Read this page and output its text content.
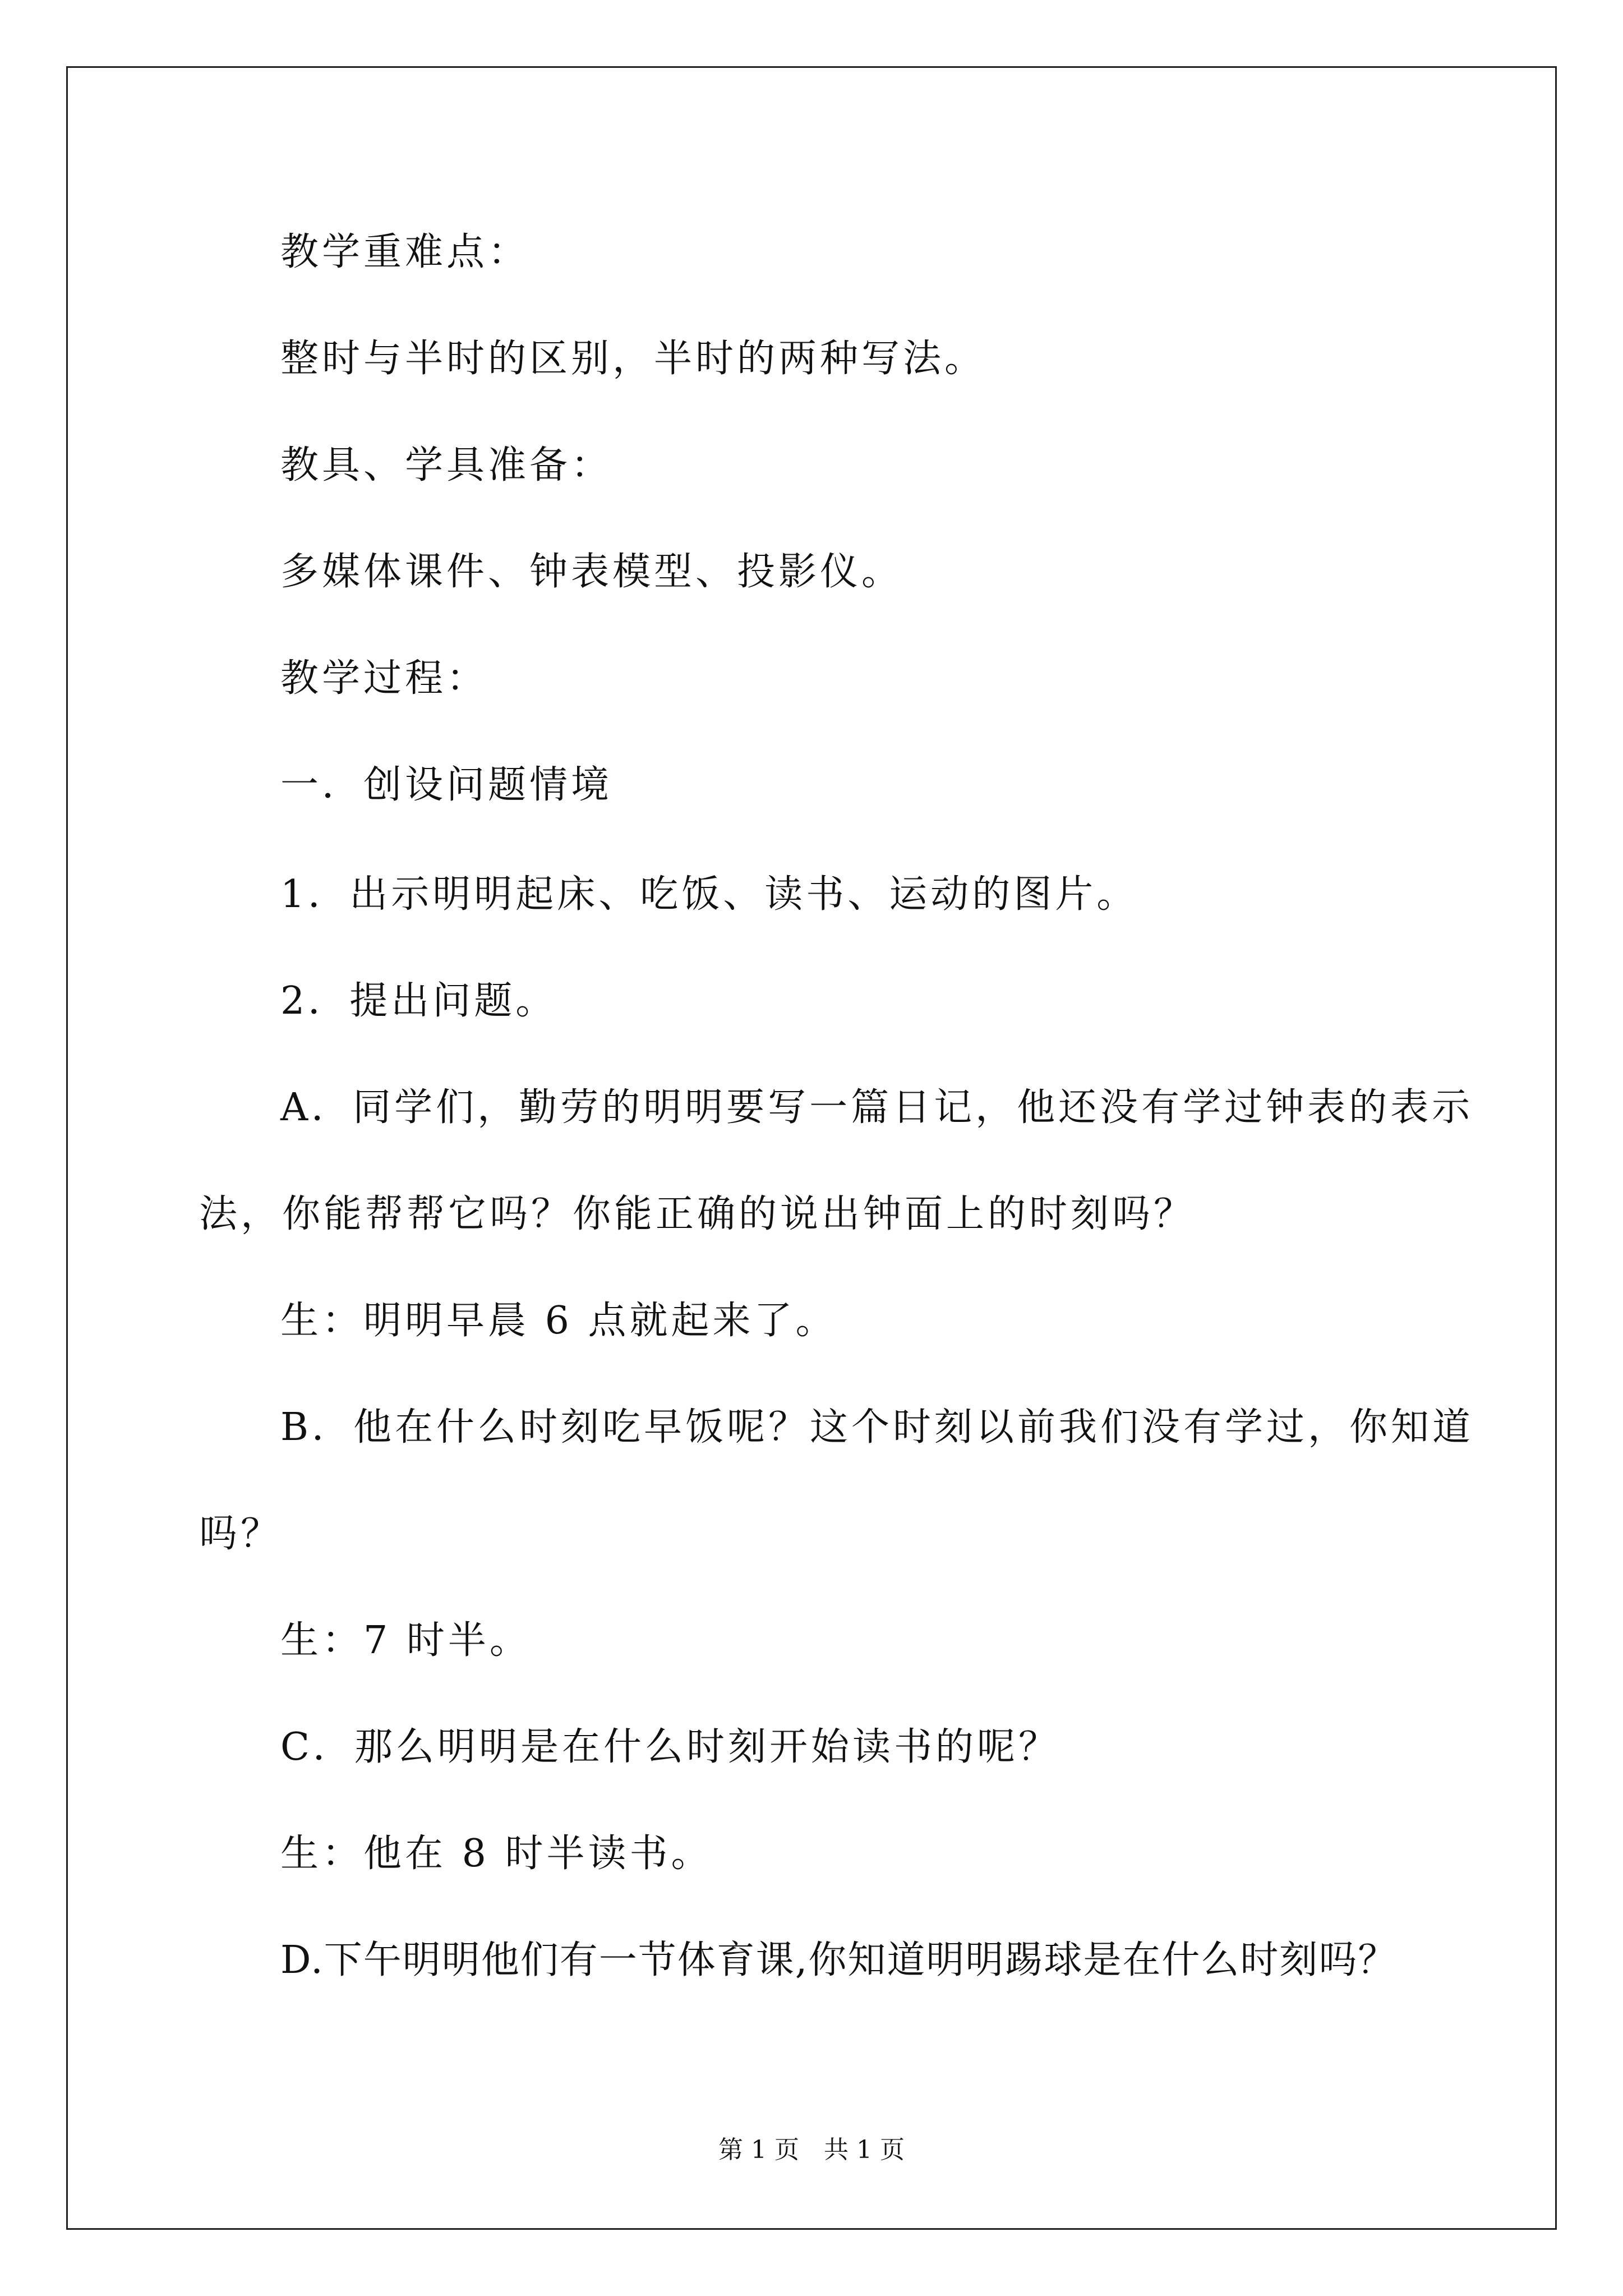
教学重难点：
整时与半时的区别，半时的两种写法。
教具、学具准备：
多媒体课件、钟表模型、投影仪。
教学过程：
一．创设问题情境
1．出示明明起床、吃饭、读书、运动的图片。
2．提出问题。
A．同学们，勤劳的明明要写一篇日记，他还没有学过钟表的表示
法，你能帮帮它吗？你能正确的说出钟面上的时刻吗？
生：明明早晨 6 点就起来了。
B．他在什么时刻吃早饭呢？这个时刻以前我们没有学过，你知道
吗？
生：7 时半。
C．那么明明是在什么时刻开始读书的呢？
生：他在 8 时半读书。
D.下午明明他们有一节体育课,你知道明明踢球是在什么时刻吗？
第 1 页　共 1 页
